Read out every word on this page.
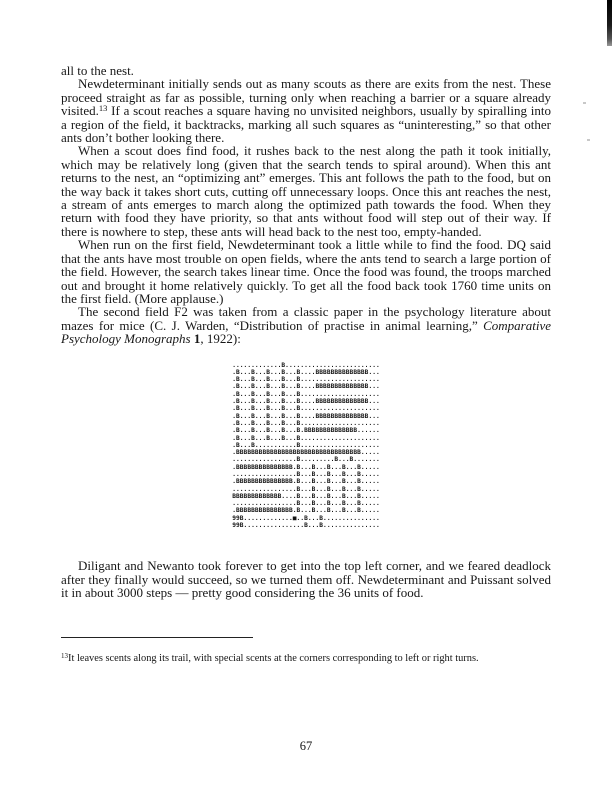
all to the nest.

Newdeterminant initially sends out as many scouts as there are exits from the nest. These proceed straight as far as possible, turning only when reaching a barrier or a square already visited.$^{13}$ If a scout reaches a square having no unvisited neighbors, usually by spiralling into a region of the field, it backtracks, marking all such squares as “uninteresting,” so that other ants don’t bother looking there.

When a scout does find food, it rushes back to the nest along the path it took initially, which may be relatively long (given that the search tends to spiral around). When this ant returns to the nest, an “optimizing ant” emerges. This ant follows the path to the food, but on the way back it takes short cuts, cutting off unnecessary loops. Once this ant reaches the nest, a stream of ants emerges to march along the optimized path towards the food. When they return with food they have priority, so that ants without food will step out of their way. If there is nowhere to step, these ants will head back to the nest too, empty-handed.

When run on the first field, Newdeterminant took a little while to find the food. DQ said that the ants have most trouble on open fields, where the ants tend to search a large portion of the field. However, the search takes linear time. Once the food was found, the troops marched out and brought it home relatively quickly. To get all the food back took 1760 time units on the first field. (More applause.)

The second field F2 was taken from a classic paper in the psychology literature about mazes for mice (C. J. Warden, “Distribution of practise in animal learning,” Comparative Psychology Monographs 1, 1922):

.............B.........................
.B...B...B...B...B....BBBBBBBBBBBBBB...
.B...B...B...B...B.....................
.B...B...B...B...B....BBBBBBBBBBBBBB...
.B...B...B...B...B.....................
.B...B...B...B...B....BBBBBBBBBBBBBB...
.B...B...B...B...B.....................
.B...B...B...B...B....BBBBBBBBBBBBBB...
.B...B...B...B...B.....................
.B...B...B...B...B.BBBBBBBBBBBBBB......
.B...B...B...B...B.....................
.B...B...........B.....................
.BBBBBBBBBBBBBBBBBBBBBBBBBBBBBBBBB.....
.................B.........B...B.......
.BBBBBBBBBBBBBBB.B...B...B...B...B.....
.................B...B...B...B...B.....
.BBBBBBBBBBBBBBB.B...B...B...B...B.....
.................B...B...B...B...B.....
BBBBBBBBBBBBB....B...B...B...B...B.....
.................B...B...B...B...B.....
.BBBBBBBBBBBBBBB.B...B...B...B...B.....
99B.............■..B...B...............
99B................B...B...............

Diligant and Newanto took forever to get into the top left corner, and we feared deadlock after they finally would succeed, so we turned them off. Newdeterminant and Puissant solved it in about 3000 steps — pretty good considering the 36 units of food.

$^{13}$It leaves scents along its trail, with special scents at the corners corresponding to left or right turns.

67
